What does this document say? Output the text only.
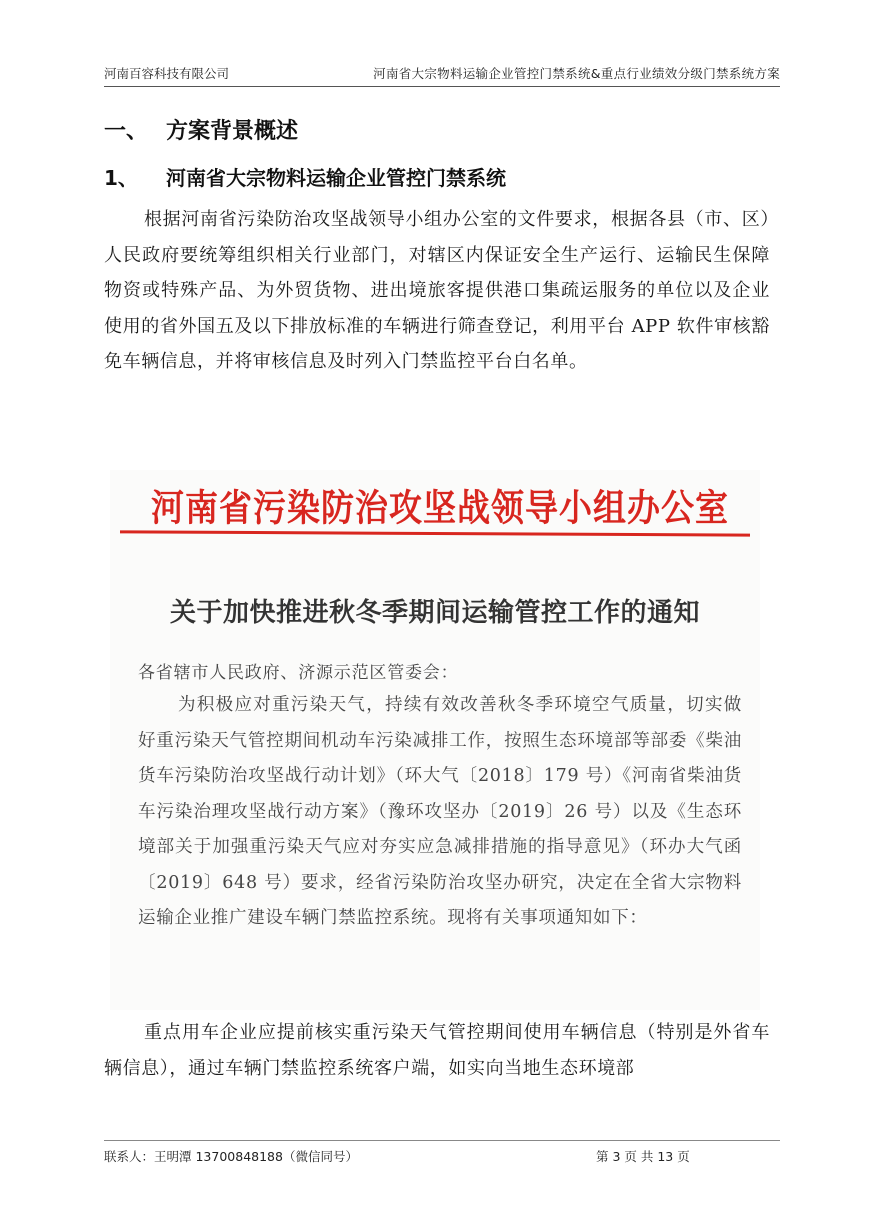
河南百容科技有限公司	河南省大宗物料运输企业管控门禁系统&重点行业绩效分级门禁系统方案
一、 方案背景概述
1、 河南省大宗物料运输企业管控门禁系统
根据河南省污染防治攻坚战领导小组办公室的文件要求，根据各县（市、区）人民政府要统筹组织相关行业部门，对辖区内保证安全生产运行、运输民生保障物资或特殊产品、为外贸货物、进出境旅客提供港口集疏运服务的单位以及企业使用的省外国五及以下排放标准的车辆进行筛查登记，利用平台 APP 软件审核豁免车辆信息，并将审核信息及时列入门禁监控平台白名单。
河南省污染防治攻坚战领导小组办公室
关于加快推进秋冬季期间运输管控工作的通知
各省辖市人民政府、济源示范区管委会：
为积极应对重污染天气，持续有效改善秋冬季环境空气质量，切实做好重污染天气管控期间机动车污染减排工作，按照生态环境部等部委《柴油货车污染防治攻坚战行动计划》（环大气〔2018〕179 号）《河南省柴油货车污染治理攻坚战行动方案》（豫环攻坚办〔2019〕26 号）以及《生态环境部关于加强重污染天气应对夯实应急减排措施的指导意见》（环办大气函〔2019〕648 号）要求，经省污染防治攻坚办研究，决定在全省大宗物料运输企业推广建设车辆门禁监控系统。现将有关事项通知如下：
重点用车企业应提前核实重污染天气管控期间使用车辆信息（特别是外省车辆信息），通过车辆门禁监控系统客户端，如实向当地生态环境部
联系人：王明潭 13700848188（微信同号）	第 3 页 共 13 页
